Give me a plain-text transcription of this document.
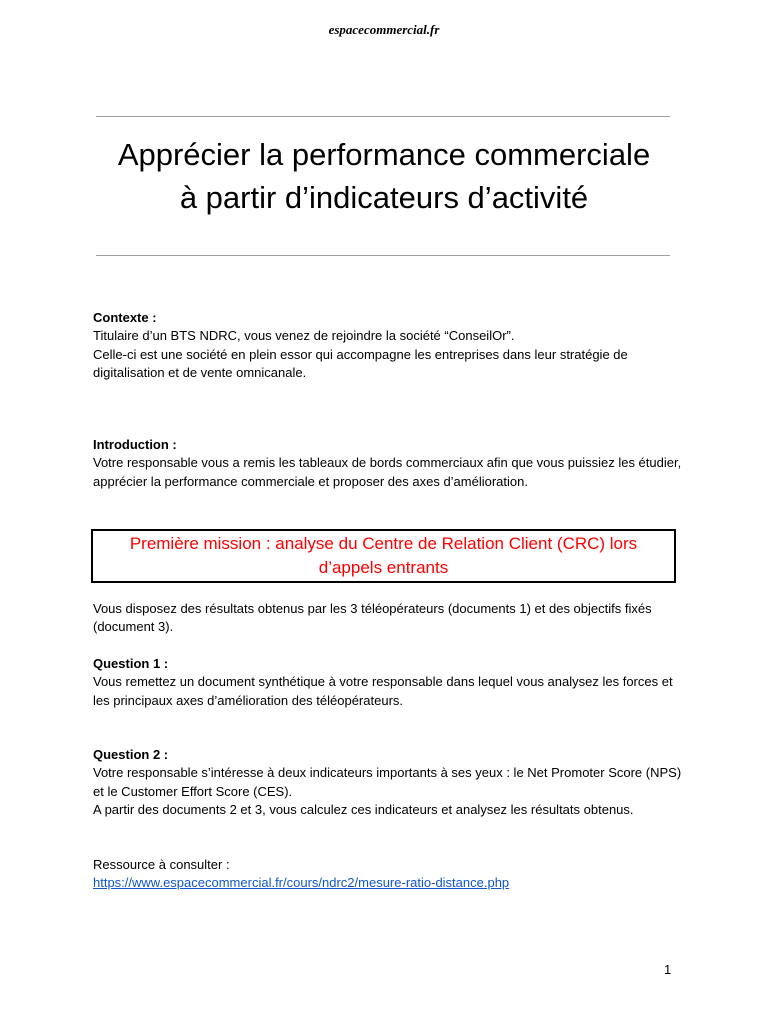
espacecommercial.fr
Apprécier la performance commerciale
à partir d’indicateurs d’activité

Contexte :

Titulaire d’un BTS NDRC, vous venez de rejoindre la société “ConseilOr”.

Celle-ci est une société en plein essor qui accompagne les entreprises dans leur stratégie de digitalisation et de vente omnicanale.

Introduction :

Votre responsable vous a remis les tableaux de bords commerciaux afin que vous puissiez les étudier, apprécier la performance commerciale et proposer des axes d’amélioration.

Première mission : analyse du Centre de Relation Client (CRC) lors
d’appels entrants

Vous disposez des résultats obtenus par les 3 téléopérateurs (documents 1) et des objectifs fixés (document 3).

Question 1 :

Vous remettez un document synthétique à votre responsable dans lequel vous analysez les forces et les principaux axes d’amélioration des téléopérateurs.

Question 2 :

Votre responsable s’intéresse à deux indicateurs importants à ses yeux : le Net Promoter Score (NPS) et le Customer Effort Score (CES).

A partir des documents 2 et 3, vous calculez ces indicateurs et analysez les résultats obtenus.

Ressource à consulter :

https://www.espacecommercial.fr/cours/ndrc2/mesure-ratio-distance.php

1
